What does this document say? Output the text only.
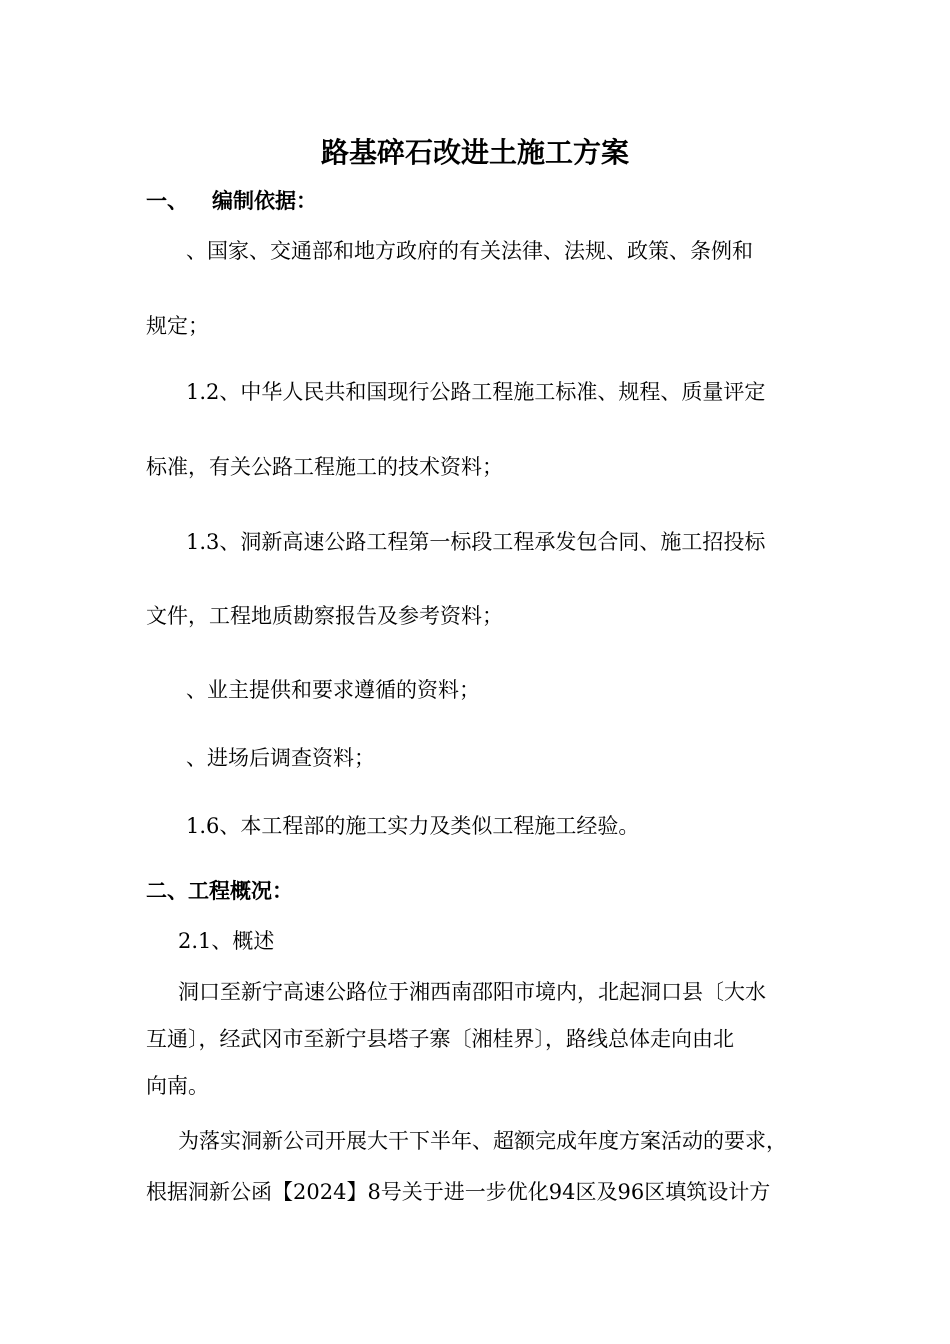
路基碎石改进土施工方案
一、 编制依据：
、国家、交通部和地方政府的有关法律、法规、政策、条例和
规定；
1.2、中华人民共和国现行公路工程施工标准、规程、质量评定
标准，有关公路工程施工的技术资料；
1.3、洞新高速公路工程第一标段工程承发包合同、施工招投标
文件，工程地质勘察报告及参考资料；
、业主提供和要求遵循的资料；
、进场后调查资料；
1.6、本工程部的施工实力及类似工程施工经验。
二、工程概况：
2.1、概述
洞口至新宁高速公路位于湘西南邵阳市境内，北起洞口县〔大水
互通〕，经武冈市至新宁县塔子寨〔湘桂界〕，路线总体走向由北
向南。
为落实洞新公司开展大干下半年、超额完成年度方案活动的要求，
根据洞新公函【2024】8号关于进一步优化94区及96区填筑设计方
